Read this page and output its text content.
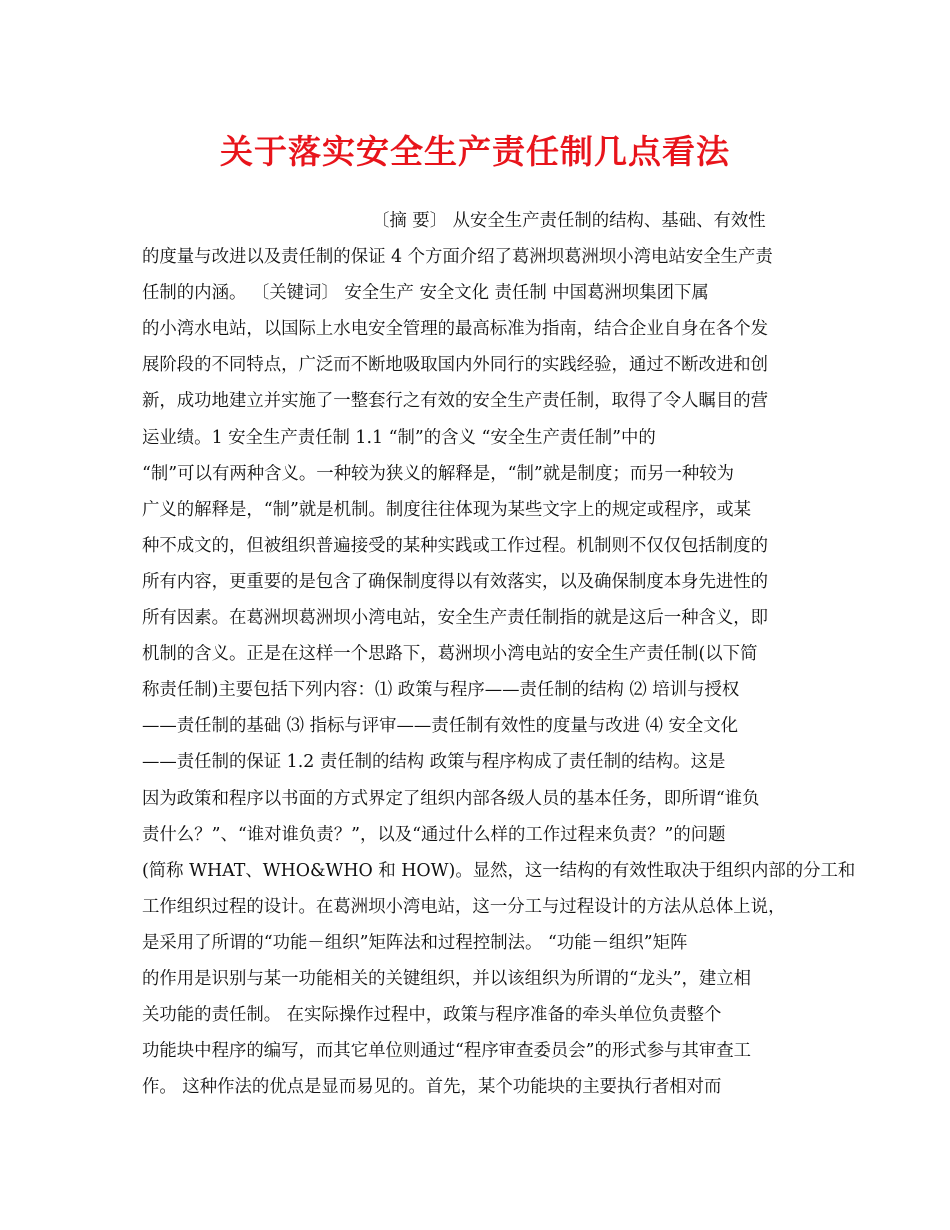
关于落实安全生产责任制几点看法
〔摘 要〕 从安全生产责任制的结构、基础、有效性
的度量与改进以及责任制的保证 4 个方面介绍了葛洲坝葛洲坝小湾电站安全生产责
任制的内涵。 〔关键词〕 安全生产 安全文化 责任制 中国葛洲坝集团下属
的小湾水电站，以国际上水电安全管理的最高标准为指南，结合企业自身在各个发
展阶段的不同特点，广泛而不断地吸取国内外同行的实践经验，通过不断改进和创
新，成功地建立并实施了一整套行之有效的安全生产责任制，取得了令人瞩目的营
运业绩。1 安全生产责任制 1.1 “制”的含义 “安全生产责任制”中的
“制”可以有两种含义。一种较为狭义的解释是，“制”就是制度；而另一种较为
广义的解释是，“制”就是机制。制度往往体现为某些文字上的规定或程序，或某
种不成文的，但被组织普遍接受的某种实践或工作过程。机制则不仅仅包括制度的
所有内容，更重要的是包含了确保制度得以有效落实，以及确保制度本身先进性的
所有因素。在葛洲坝葛洲坝小湾电站，安全生产责任制指的就是这后一种含义，即
机制的含义。正是在这样一个思路下，葛洲坝小湾电站的安全生产责任制(以下简
称责任制)主要包括下列内容：⑴ 政策与程序——责任制的结构 ⑵ 培训与授权
——责任制的基础 ⑶ 指标与评审——责任制有效性的度量与改进 ⑷ 安全文化
——责任制的保证 1.2 责任制的结构 政策与程序构成了责任制的结构。这是
因为政策和程序以书面的方式界定了组织内部各级人员的基本任务，即所谓“谁负
责什么？”、“谁对谁负责？”，以及“通过什么样的工作过程来负责？”的问题
(简称 WHAT、WHO&WHO 和 HOW)。显然，这一结构的有效性取决于组织内部的分工和
工作组织过程的设计。在葛洲坝小湾电站，这一分工与过程设计的方法从总体上说，
是采用了所谓的“功能－组织”矩阵法和过程控制法。 “功能－组织”矩阵
的作用是识别与某一功能相关的关键组织，并以该组织为所谓的“龙头”，建立相
关功能的责任制。 在实际操作过程中，政策与程序准备的牵头单位负责整个
功能块中程序的编写，而其它单位则通过“程序审查委员会”的形式参与其审查工
作。 这种作法的优点是显而易见的。首先，某个功能块的主要执行者相对而
